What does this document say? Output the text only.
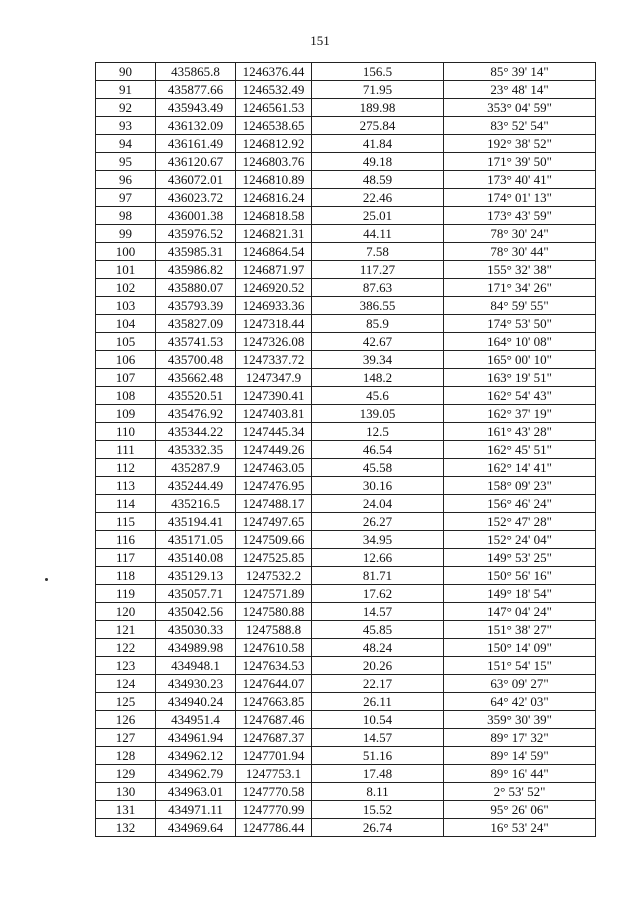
151
90	435865.8	1246376.44	156.5	85° 39' 14"
91	435877.66	1246532.49	71.95	23° 48' 14"
92	435943.49	1246561.53	189.98	353° 04' 59"
93	436132.09	1246538.65	275.84	83° 52' 54"
94	436161.49	1246812.92	41.84	192° 38' 52"
95	436120.67	1246803.76	49.18	171° 39' 50"
96	436072.01	1246810.89	48.59	173° 40' 41"
97	436023.72	1246816.24	22.46	174° 01' 13"
98	436001.38	1246818.58	25.01	173° 43' 59"
99	435976.52	1246821.31	44.11	78° 30' 24"
100	435985.31	1246864.54	7.58	78° 30' 44"
101	435986.82	1246871.97	117.27	155° 32' 38"
102	435880.07	1246920.52	87.63	171° 34' 26"
103	435793.39	1246933.36	386.55	84° 59' 55"
104	435827.09	1247318.44	85.9	174° 53' 50"
105	435741.53	1247326.08	42.67	164° 10' 08"
106	435700.48	1247337.72	39.34	165° 00' 10"
107	435662.48	1247347.9	148.2	163° 19' 51"
108	435520.51	1247390.41	45.6	162° 54' 43"
109	435476.92	1247403.81	139.05	162° 37' 19"
110	435344.22	1247445.34	12.5	161° 43' 28"
111	435332.35	1247449.26	46.54	162° 45' 51"
112	435287.9	1247463.05	45.58	162° 14' 41"
113	435244.49	1247476.95	30.16	158° 09' 23"
114	435216.5	1247488.17	24.04	156° 46' 24"
115	435194.41	1247497.65	26.27	152° 47' 28"
116	435171.05	1247509.66	34.95	152° 24' 04"
117	435140.08	1247525.85	12.66	149° 53' 25"
118	435129.13	1247532.2	81.71	150° 56' 16"
119	435057.71	1247571.89	17.62	149° 18' 54"
120	435042.56	1247580.88	14.57	147° 04' 24"
121	435030.33	1247588.8	45.85	151° 38' 27"
122	434989.98	1247610.58	48.24	150° 14' 09"
123	434948.1	1247634.53	20.26	151° 54' 15"
124	434930.23	1247644.07	22.17	63° 09' 27"
125	434940.24	1247663.85	26.11	64° 42' 03"
126	434951.4	1247687.46	10.54	359° 30' 39"
127	434961.94	1247687.37	14.57	89° 17' 32"
128	434962.12	1247701.94	51.16	89° 14' 59"
129	434962.79	1247753.1	17.48	89° 16' 44"
130	434963.01	1247770.58	8.11	2° 53' 52"
131	434971.11	1247770.99	15.52	95° 26' 06"
132	434969.64	1247786.44	26.74	16° 53' 24"
